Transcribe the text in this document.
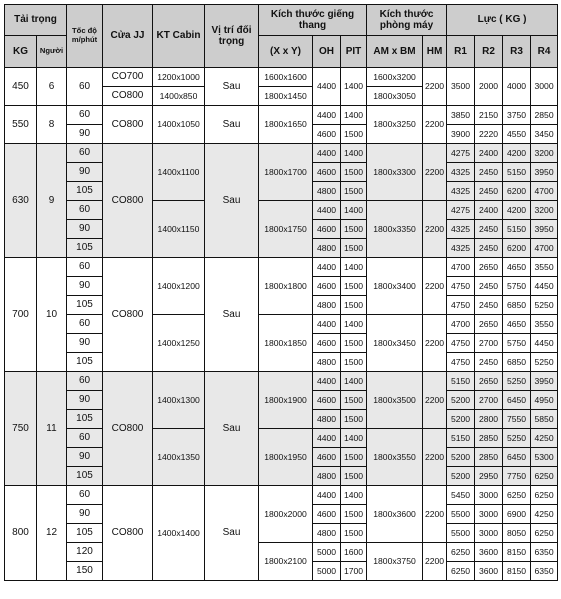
Tải trọng		Tốc độ m/phút	Cửa JJ	KT Cabin	Vị trí đối trọng	Kích thước giếng thang			Kích thước phòng máy		Lực ( KG )			
KG	Người					(X x Y)	OH	PIT	AM x BM	HM	R1	R2	R3	R4
450	6	60	CO700	1200x1000	Sau	1600x1600	4400	1400	1600x3200	2200	3500	2000	4000	3000
			CO800	1400x850		1800x1450			1800x3050					
550	8	60	CO800	1400x1050	Sau	1800x1650	4400	1400	1800x3250	2200	3850	2150	3750	2850
		90					4600	1500			3900	2220	4550	3450
630	9	60	CO800	1400x1100	Sau	1800x1700	4400	1400	1800x3300	2200	4275	2400	4200	3200
		90					4600	1500			4325	2450	5150	3950
		105					4800	1500			4325	2450	6200	4700
		60		1400x1150		1800x1750	4400	1400	1800x3350	2200	4275	2400	4200	3200
		90					4600	1500			4325	2450	5150	3950
		105					4800	1500			4325	2450	6200	4700
700	10	60	CO800	1400x1200	Sau	1800x1800	4400	1400	1800x3400	2200	4700	2650	4650	3550
		90					4600	1500			4750	2450	5750	4450
		105					4800	1500			4750	2450	6850	5250
		60		1400x1250		1800x1850	4400	1400	1800x3450	2200	4700	2650	4650	3550
		90					4600	1500			4750	2700	5750	4450
		105					4800	1500			4750	2450	6850	5250
750	11	60	CO800	1400x1300	Sau	1800x1900	4400	1400	1800x3500	2200	5150	2650	5250	3950
		90					4600	1500			5200	2700	6450	4950
		105					4800	1500			5200	2800	7550	5850
		60		1400x1350		1800x1950	4400	1400	1800x3550	2200	5150	2850	5250	4250
		90					4600	1500			5200	2850	6450	5300
		105					4800	1500			5200	2950	7750	6250
800	12	60	CO800	1400x1400	Sau	1800x2000	4400	1400	1800x3600	2200	5450	3000	6250	6250
		90					4600	1500			5500	3000	6900	4250
		105					4800	1500			5500	3000	8050	6250
		120				1800x2100	5000	1600	1800x3750	2200	6250	3600	8150	6350
		150					5000	1700			6250	3600	8150	6350
